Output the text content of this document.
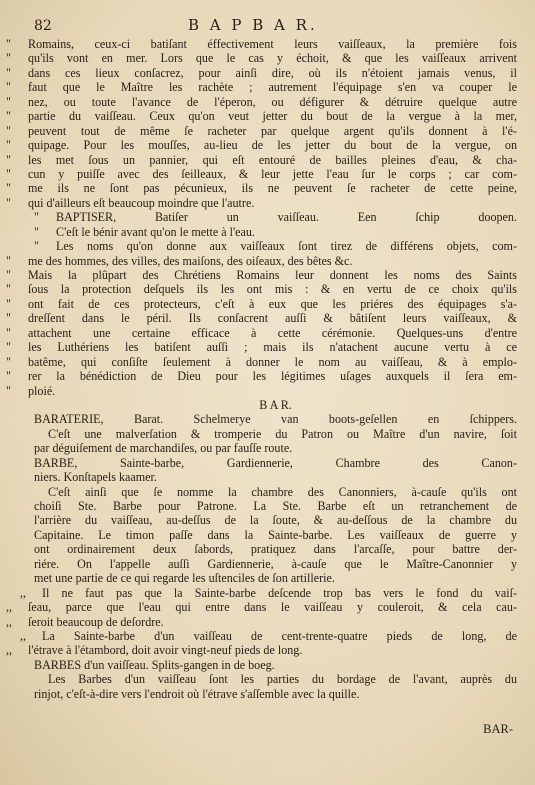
82	B A P B A R.
" Romains, ceux-ci batiſant éffectivement leurs vaiſſeaux, la première fois
" qu'ils vont en mer. Lors que le cas y échoit, & que les vaiſſeaux arrivent
" dans ces lieux conſacrez, pour ainſi dire, où ils n'étoient jamais venus, il
" faut que le Maître les rachète ; autrement l'équipage s'en va couper le
" nez, ou toute l'avance de l'éperon, ou défigurer & détruire quelque autre
" partie du vaiſſeau. Ceux qu'on veut jetter du bout de la vergue à la mer,
" peuvent tout de même ſe racheter par quelque argent qu'ils donnent à l'é-
" quipage. Pour les mouſſes, au-lieu de les jetter du bout de la vergue, on
" les met ſous un pannier, qui eſt entouré de bailles pleines d'eau, & cha-
" cun y puiſſe avec des ſeilleaux, & leur jette l'eau ſur le corps ; car com-
" me ils ne ſont pas pécunieux, ils ne peuvent ſe racheter de cette peine,
" qui d'ailleurs eſt beaucoup moindre que l'autre.
" BAPTISER, Batiſer un vaiſſeau. Een ſchip doopen.
" C'eſt le bénir avant qu'on le mette à l'eau.
" Les noms qu'on donne aux vaiſſeaux ſont tirez de différens objets, com-
" me des hommes, des villes, des maiſons, des oiſeaux, des bêtes &c.
" Mais la plûpart des Chrétiens Romains leur donnent les noms des Saints
" ſous la protection deſquels ils les ont mis : & en vertu de ce choix qu'ils
" ont fait de ces protecteurs, c'eſt à eux que les priéres des équipages s'a-
" dreſſent dans le péril. Ils conſacrent auſſi & bâtiſent leurs vaiſſeaux, &
" attachent une certaine efficace à cette cérémonie. Quelques-uns d'entre
" les Luthériens les batiſent auſſi ; mais ils n'atachent aucune vertu à ce
" batême, qui conſiſte ſeulement à donner le nom au vaiſſeau, & à emplo-
" rer la bénédiction de Dieu pour les légitimes uſages auxquels il ſera em-
" ploié.
B A R.
BARATERIE, Barat. Schelmerye van boots-geſellen en ſchippers.
C'eſt une malverſation & tromperie du Patron ou Maître d'un navire, ſoit
par déguiſement de marchandiſes, ou par fauſſe route.
BARBE, Sainte-barbe, Gardiennerie, Chambre des Canon-
niers. Konſtapels kaamer.
C'eſt ainſi que ſe nomme la chambre des Canonniers, à-cauſe qu'ils ont
choiſi Ste. Barbe pour Patrone. La Ste. Barbe eſt un retranchement de
l'arrière du vaiſſeau, au-deſſus de la ſoute, & au-deſſous de la chambre du
Capitaine. Le timon paſſe dans la Sainte-barbe. Les vaiſſeaux de guerre y
ont ordinairement deux ſabords, pratiquez dans l'arcaſſe, pour battre der-
riére. On l'appelle auſſi Gardiennerie, à-cauſe que le Maître-Canonnier y
met une partie de ce qui regarde les uſtenciles de ſon artillerie.
,, Il ne faut pas que la Sainte-barbe deſcende trop bas vers le fond du vaiſ-
,, ſeau, parce que l'eau qui entre dans le vaiſſeau y couleroit, & cela cau-
,, ſeroit beaucoup de deſordre.
,, La Sainte-barbe d'un vaiſſeau de cent-trente-quatre pieds de long, de
,, l'étrave à l'étambord, doit avoir vingt-neuf pieds de long.
BARBES d'un vaiſſeau. Splits-gangen in de boeg.
Les Barbes d'un vaiſſeau ſont les parties du bordage de l'avant, auprès du
rinjot, c'eſt-à-dire vers l'endroit où l'étrave s'aſſemble avec la quille.
BAR-
